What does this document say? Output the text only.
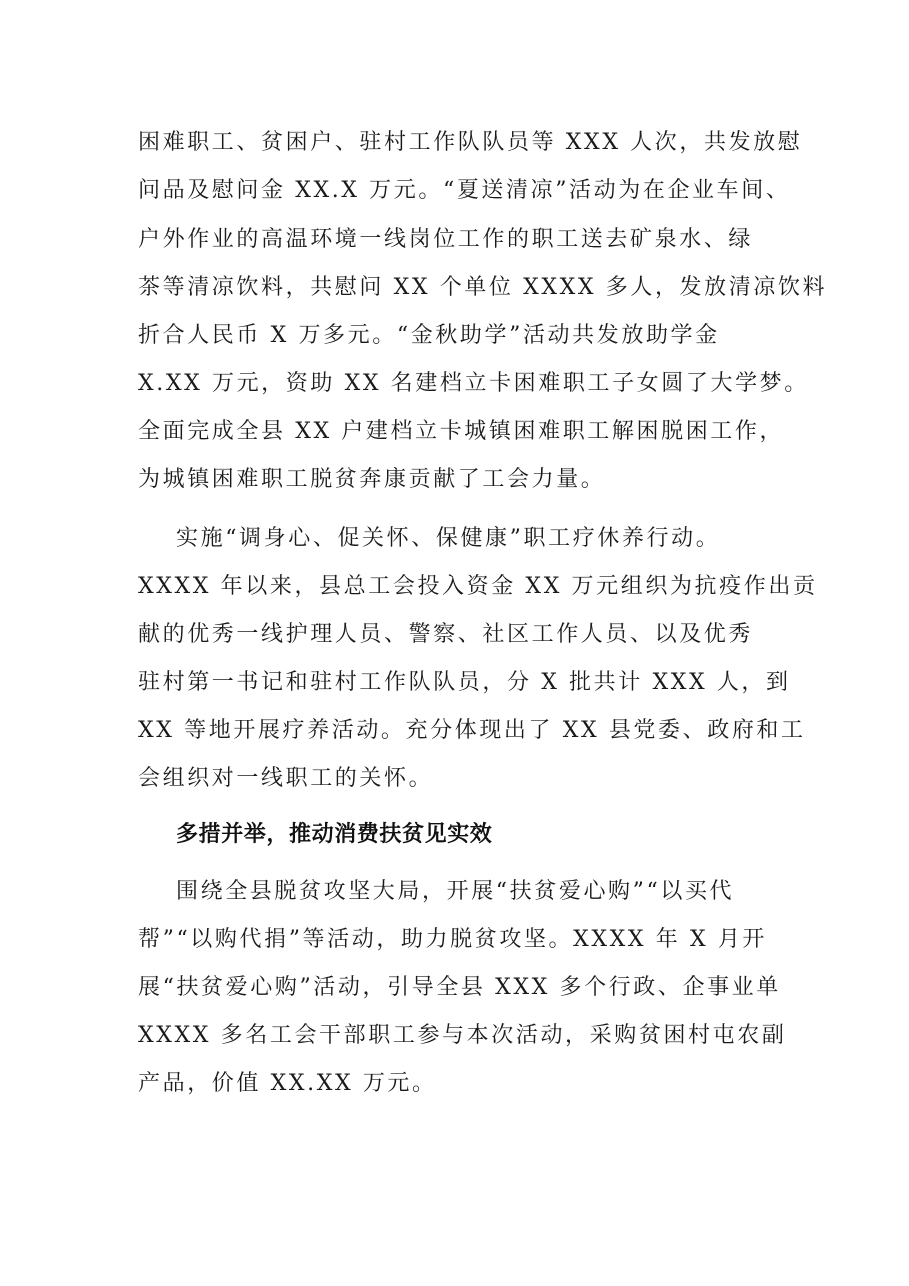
困难职工、贫困户、驻村工作队队员等 XXX 人次，共发放慰

问品及慰问金 XX.X 万元。“夏送清凉”活动为在企业车间、

户外作业的高温环境一线岗位工作的职工送去矿泉水、绿

茶等清凉饮料，共慰问 XX 个单位 XXXX 多人，发放清凉饮料

折合人民币 X 万多元。“金秋助学”活动共发放助学金

X.XX 万元，资助 XX 名建档立卡困难职工子女圆了大学梦。

全面完成全县 XX 户建档立卡城镇困难职工解困脱困工作，

为城镇困难职工脱贫奔康贡献了工会力量。

实施“调身心、促关怀、保健康”职工疗休养行动。

XXXX 年以来，县总工会投入资金 XX 万元组织为抗疫作出贡

献的优秀一线护理人员、警察、社区工作人员、以及优秀

驻村第一书记和驻村工作队队员，分 X 批共计 XXX 人，到

XX 等地开展疗养活动。充分体现出了 XX 县党委、政府和工

会组织对一线职工的关怀。

多措并举，推动消费扶贫见实效

围绕全县脱贫攻坚大局，开展“扶贫爱心购”“以买代

帮”“以购代捐”等活动，助力脱贫攻坚。XXXX 年 X 月开

展“扶贫爱心购”活动，引导全县 XXX 多个行政、企事业单

XXXX 多名工会干部职工参与本次活动，采购贫困村屯农副

产品，价值 XX.XX 万元。
